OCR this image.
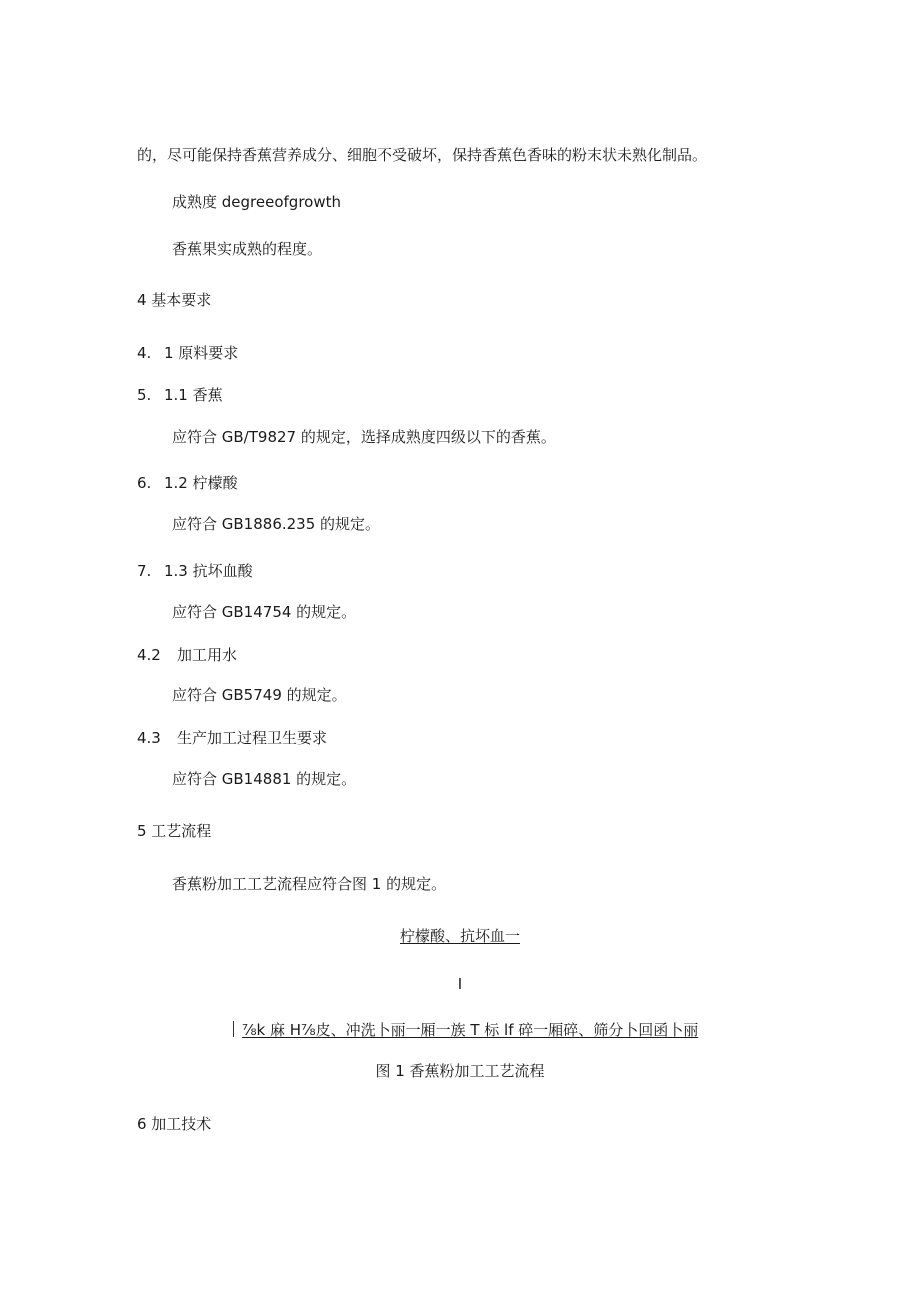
的，尽可能保持香蕉营养成分、细胞不受破坏，保持香蕉色香味的粉末状未熟化制品。
成熟度 degreeofgrowth
香蕉果实成熟的程度。
4 基本要求
4. 1 原料要求
5. 1.1 香蕉
应符合 GB/T9827 的规定，选择成熟度四级以下的香蕉。
6. 1.2 柠檬酸
应符合 GB1886.235 的规定。
7. 1.3 抗坏血酸
应符合 GB14754 的规定。
4.2 加工用水
应符合 GB5749 的规定。
4.3 生产加工过程卫生要求
应符合 GB14881 的规定。
5 工艺流程
香蕉粉加工工艺流程应符合图 1 的规定。
柠檬酸、抗坏血一
I
⅞k 麻 H⅞皮、冲洗卜丽一厢一族 T 标 lf 碎一厢碎、筛分卜回函卜丽
图 1 香蕉粉加工工艺流程
6 加工技术
